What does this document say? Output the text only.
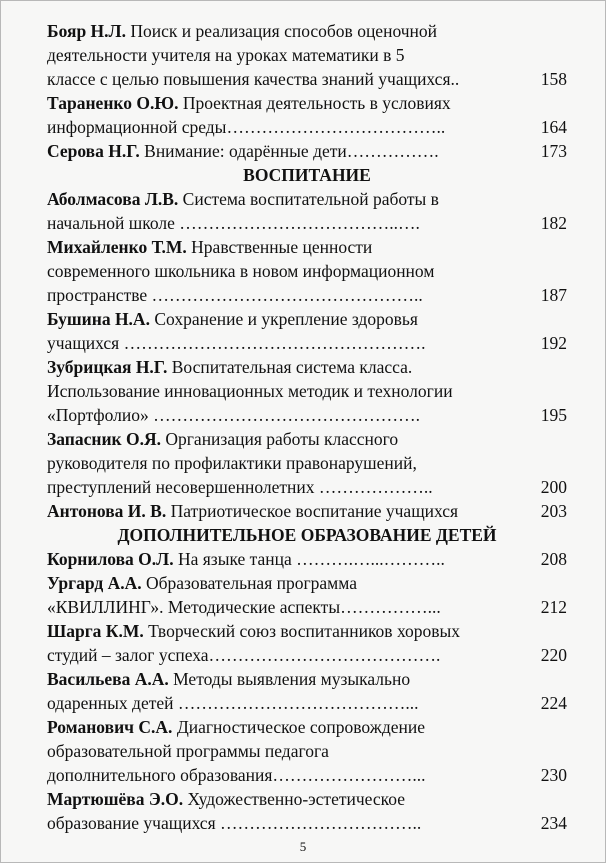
Бояр Н.Л. Поиск и реализация способов оценочной
деятельности учителя на уроках математики в 5
классе с целью повышения качества знаний учащихся..	158
Тараненко О.Ю. Проектная деятельность в условиях
информационной среды………………………………..	164
Серова Н.Г. Внимание: одарённые дети…………….	173
ВОСПИТАНИЕ
Аболмасова Л.В. Система воспитательной работы в
начальной школе ………………………………..….	182
Михайленко Т.М. Нравственные ценности
современного школьника в новом информационном
пространстве ………………………………………..	187
Бушина Н.А. Сохранение и укрепление здоровья
учащихся …………………………………………….	192
Зубрицкая Н.Г. Воспитательная система класса.
Использование инновационных методик и технологии
«Портфолио» ……………………………………….	195
Запасник О.Я. Организация работы классного
руководителя по профилактики правонарушений,
преступлений несовершеннолетних ………………..	200
Антонова И. В. Патриотическое воспитание учащихся	203
ДОПОЛНИТЕЛЬНОЕ ОБРАЗОВАНИЕ ДЕТЕЙ
Корнилова О.Л. На языке танца ……….…...………..	208
Ургард А.А. Образовательная программа
«КВИЛЛИНГ». Методические аспекты……………...	212
Шарга К.М. Творческий союз воспитанников хоровых
студий – залог успеха………………………………….	220
Васильева А.А. Методы выявления музыкально
одаренных детей …………………………………...	224
Романович С.А. Диагностическое сопровождение
образовательной программы педагога
дополнительного образования……………………...	230
Мартюшёва Э.О. Художественно-эстетическое
образование учащихся ……………………………..	234
5
